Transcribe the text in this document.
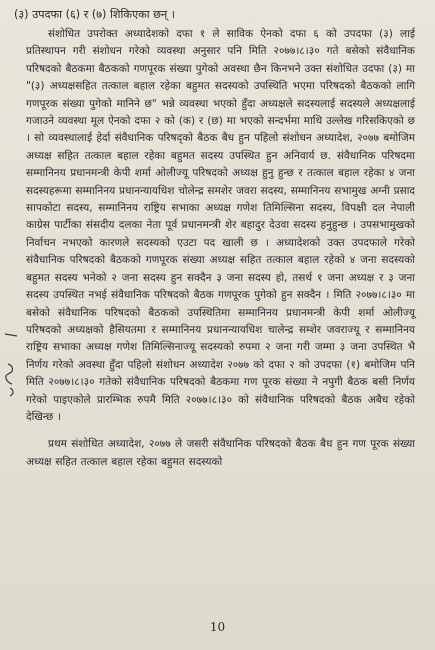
(३) उपदफा (६) र (७) शिकिएका छन् ।

संशोधित उपरोक्त अध्यादेशको दफा १ ले साविक ऐनको दफा ६ को उपदफा (३) लाई प्रतिस्थापन गरी संशोधन गरेको व्यवस्था अनुसार पनि मिति २०७७।८।३० गते बसेको संवैधानिक परिषदको बैठकमा बैठकको गणपूरक संख्या पुगेको अवस्था छैन किनभने उक्त संशोधित उदफा (३) मा "(३) अध्यक्षसहित तत्काल बहाल रहेका बहुमत सदस्यको उपस्थिति भएमा परिषदको बैठकको लागि गणपूरक संख्या पुगेको मानिने छ" भन्ने व्यवस्था भएको हुँदा अध्यक्षले सदस्यलाई सदस्यले अध्यक्षलाई गजाउने व्यवस्था मूल ऐनको दफा २ को (क) र (छ) मा भएको सन्दर्भमा माथि उल्लेख गरिसकिएको छ । सो व्यवस्थालाई हेर्दा संवैधानिक परिषद्को बैठक बैध हुन पहिलो संशोधन अध्यादेश, २०७७ बमोजिम अध्यक्ष सहित तत्काल बहाल रहेका बहुमत सदस्य उपस्थित हुन अनिवार्य छ. संवैधानिक परिषदमा सम्मानिनय प्रधानमन्त्री केपी शर्मा ओलीज्यू परिषदको अध्यक्ष हुनु हुन्छ र तत्काल बहाल रहेका ४ जना सदस्यहरूमा सम्मानिनय प्रधानन्यायधिश चोलेन्द्र समशेर जवरा सदस्य, सम्मानिनय सभामुख अग्नी प्रसाद सापकोटा सदस्य, सम्मानिनय राष्ट्रिय सभाका अध्यक्ष गणेश तिमिल्सिना सदस्य, विपक्षी दल नेपाली काग्रेस पार्टीका संसदीय दलका नेता पूर्व प्रधानमन्त्री शेर बहादुर देउवा सदस्य हनुहुन्छ । उपसभामुखको निर्वाचन नभएको कारणले सदस्यको एउटा पद खाली छ । अध्यादेशको उक्त उपदफाले गरेको संवैधानिक परिषदको बैठकको गणपूरक संख्या अध्यक्ष सहित तत्काल बहाल रहेको ४ जना सदस्यको बहुमत सदस्य भनेको २ जना सदस्य हुन सक्दैन ३ जना सदस्य हो, तसर्थ १ जना अध्यक्ष र ३ जना सदस्य उपस्थित नभई संवैधानिक परिषदको बैठक गणपूरक पुगेको हुन सक्दैन । मिति २०७७।८।३० मा बसेको संवैधानिक परिषदको बैठकको उपस्थितिमा सम्मानिनय प्रधानमन्त्री केपी शर्मा ओलीज्यू परिषदको अध्यक्षको हैसियतमा र सम्मानिनय प्रधानन्यायधिश चालेन्द्र सम्शेर जवराज्यू र सम्मानिनय राष्ट्रिय सभाका अध्यक्ष गणेश तिमिल्सिनाज्यू सदस्यको रुपमा २ जना गरी जम्मा ३ जना उपस्थित भै निर्णय गरेको अवस्था हुँदा पहिलो संशोधन अध्यादेश २०७७ को दफा २ को उपदफा (१) बमोजिम पनि मिति २०७७।८।३० गतेको संवैधानिक परिषदको बैठकमा गण पूरक संख्या ने नपुगी बैठक बसी निर्णय गरेको पाइएकोले प्रारम्भिक रुपमै मिति २०७७।८।३० को संवैधानिक परिषदको बैठक अबैध रहेको देखिन्छ ।

प्रथम संशोधित अध्यादेश, २०७७ ले जसरी संवैधानिक परिषदको बैठक बैध हुन गण पूरक संख्या अध्यक्ष सहित तत्काल बहाल रहेका बहुमत सदस्यको

10
